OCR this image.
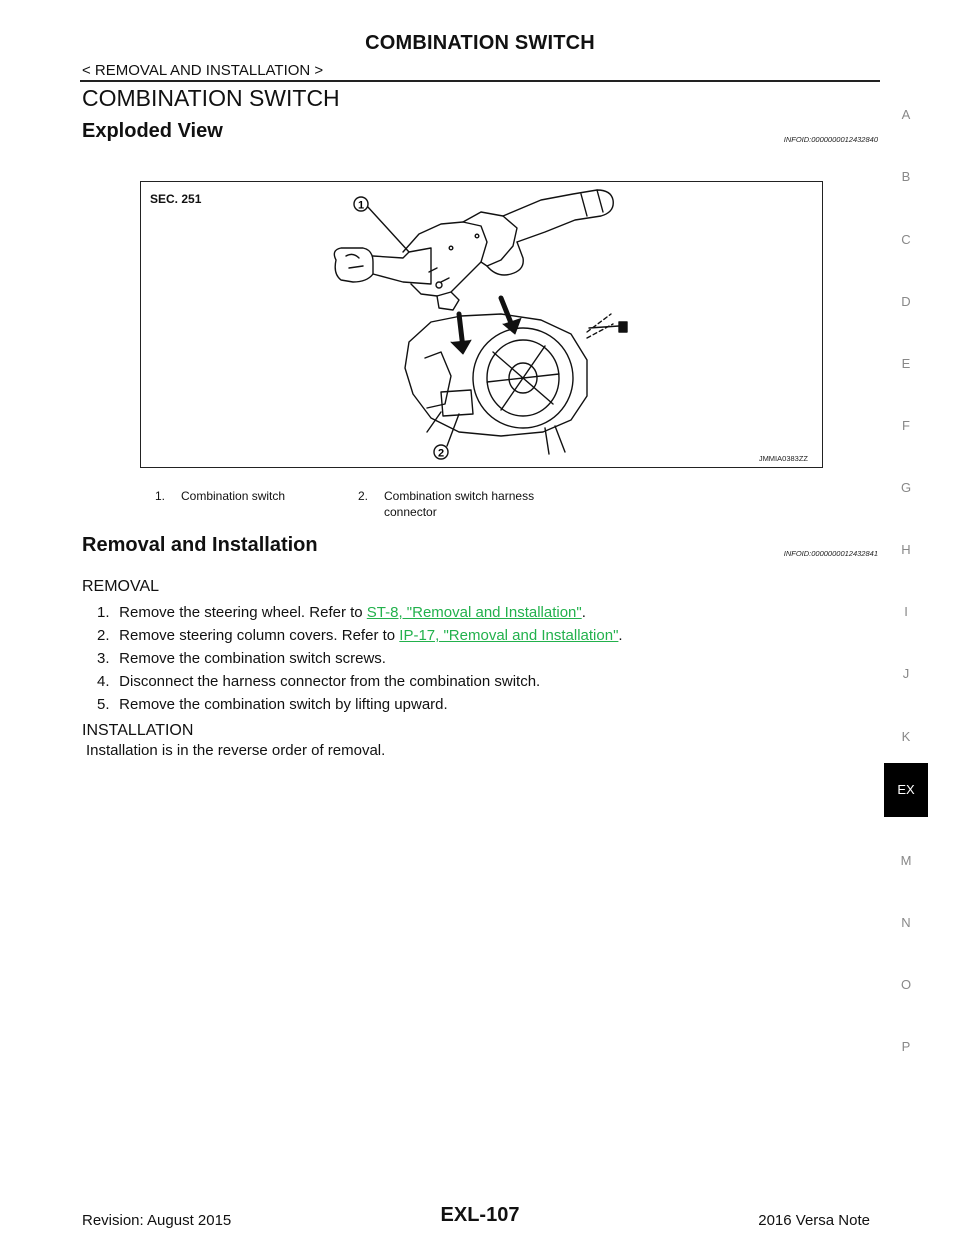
COMBINATION SWITCH
< REMOVAL AND INSTALLATION >
COMBINATION SWITCH
Exploded View	INFOID:0000000012432840
SEC. 251	1
2	JMMIA0383ZZ
1. Combination switch	2. Combination switch harness
connector
Removal and Installation	INFOID:0000000012432841
REMOVAL
1. Remove the steering wheel. Refer to ST-8, "Removal and Installation".
2. Remove steering column covers. Refer to IP-17, "Removal and Installation".
3. Remove the combination switch screws.
4. Disconnect the harness connector from the combination switch.
5. Remove the combination switch by lifting upward.
INSTALLATION
Installation is in the reverse order of removal.
A
B
C
D
E
F
G
H
I
J
K
EX
M
N
O
P
Revision: August 2015	EXL-107	2016 Versa Note
